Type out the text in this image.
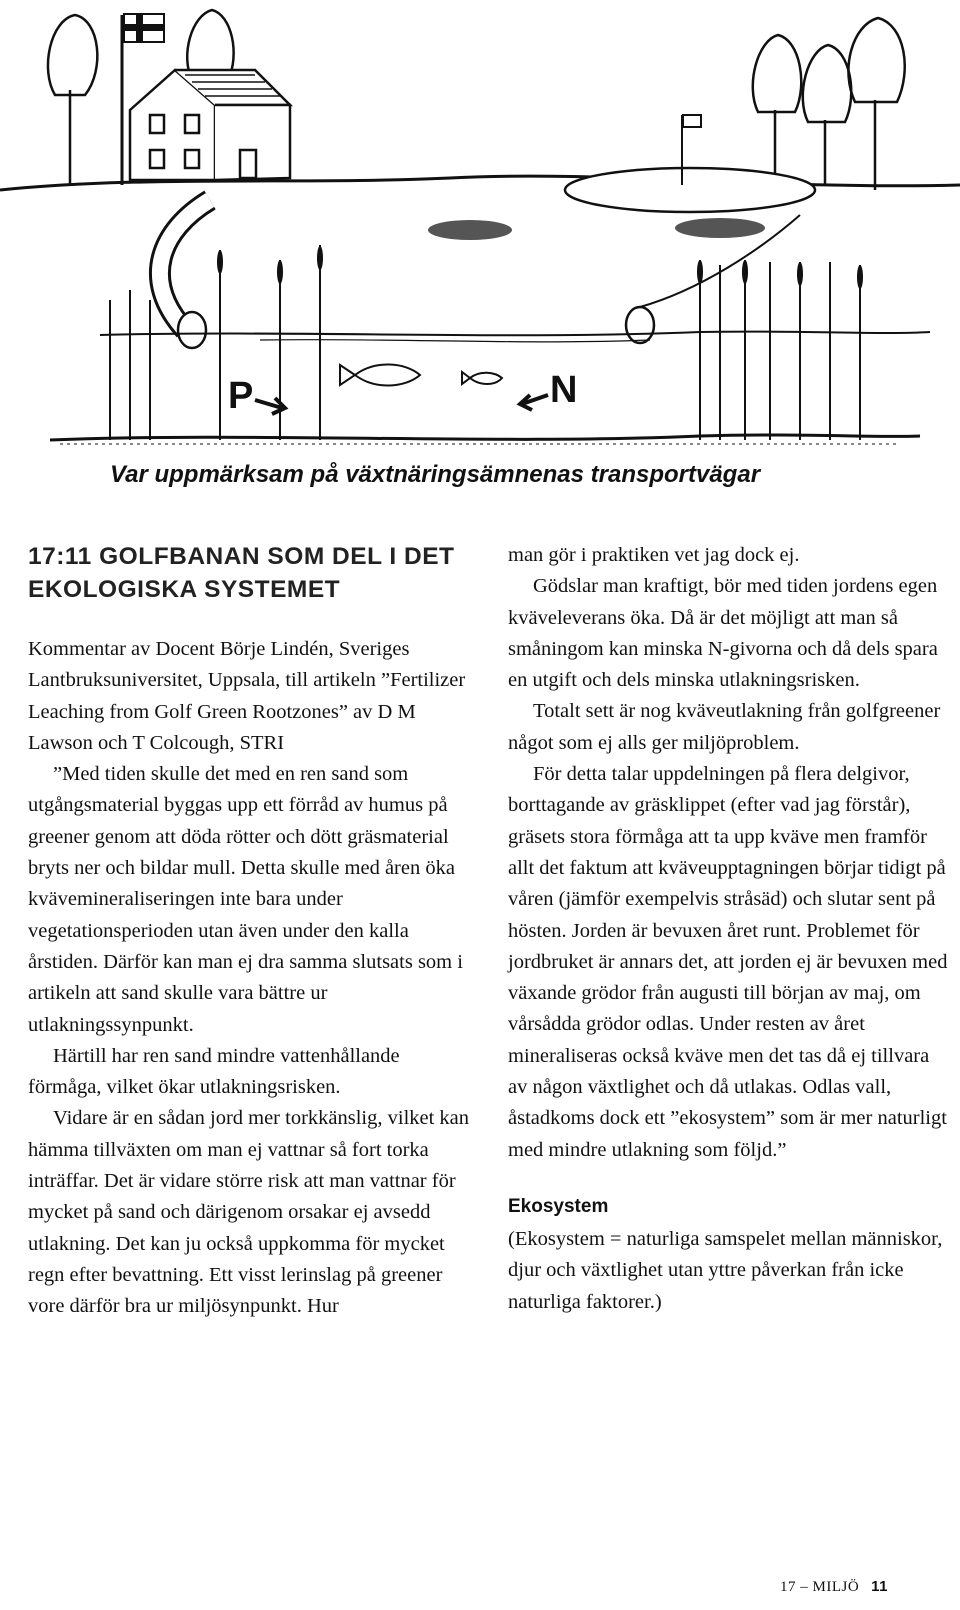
P	N
Var uppmärksam på växtnäringsämnenas transportvägar
17:11 GOLFBANAN SOM DEL I DET EKOLOGISKA SYSTEMET

Kommentar av Docent Börje Lindén, Sveriges Lantbruksuniversitet, Uppsala, till artikeln ”Fertilizer Leaching from Golf Green Rootzones” av D M Lawson och T Colcough, STRI

”Med tiden skulle det med en ren sand som utgångsmaterial byggas upp ett förråd av humus på greener genom att döda rötter och dött gräsmaterial bryts ner och bildar mull. Detta skulle med åren öka kvävemineraliseringen inte bara under vegetationsperioden utan även under den kalla årstiden. Därför kan man ej dra samma slutsats som i artikeln att sand skulle vara bättre ur utlakningssynpunkt.

Härtill har ren sand mindre vattenhållande förmåga, vilket ökar utlakningsrisken.

Vidare är en sådan jord mer torkkänslig, vilket kan hämma tillväxten om man ej vattnar så fort torka inträffar. Det är vidare större risk att man vattnar för mycket på sand och därigenom orsakar ej avsedd utlakning. Det kan ju också uppkomma för mycket regn efter bevattning. Ett visst lerinslag på greener vore därför bra ur miljösynpunkt. Hur

man gör i praktiken vet jag dock ej.

Gödslar man kraftigt, bör med tiden jordens egen kväveleverans öka. Då är det möjligt att man så småningom kan minska N-givorna och då dels spara en utgift och dels minska utlakningsrisken.

Totalt sett är nog kväveutlakning från golfgreener något som ej alls ger miljöproblem.

För detta talar uppdelningen på flera delgivor, borttagande av gräsklippet (efter vad jag förstår), gräsets stora förmåga att ta upp kväve men framför allt det faktum att kväveupptagningen börjar tidigt på våren (jämför exempelvis stråsäd) och slutar sent på hösten. Jorden är bevuxen året runt. Problemet för jordbruket är annars det, att jorden ej är bevuxen med växande grödor från augusti till början av maj, om vårsådda grödor odlas. Under resten av året mineraliseras också kväve men det tas då ej tillvara av någon växtlighet och då utlakas. Odlas vall, åstadkoms dock ett ”ekosystem” som är mer naturligt med mindre utlakning som följd.”

Ekosystem

(Ekosystem = naturliga samspelet mellan människor, djur och växtlighet utan yttre påverkan från icke naturliga faktorer.)

17 – MILJÖ 11
